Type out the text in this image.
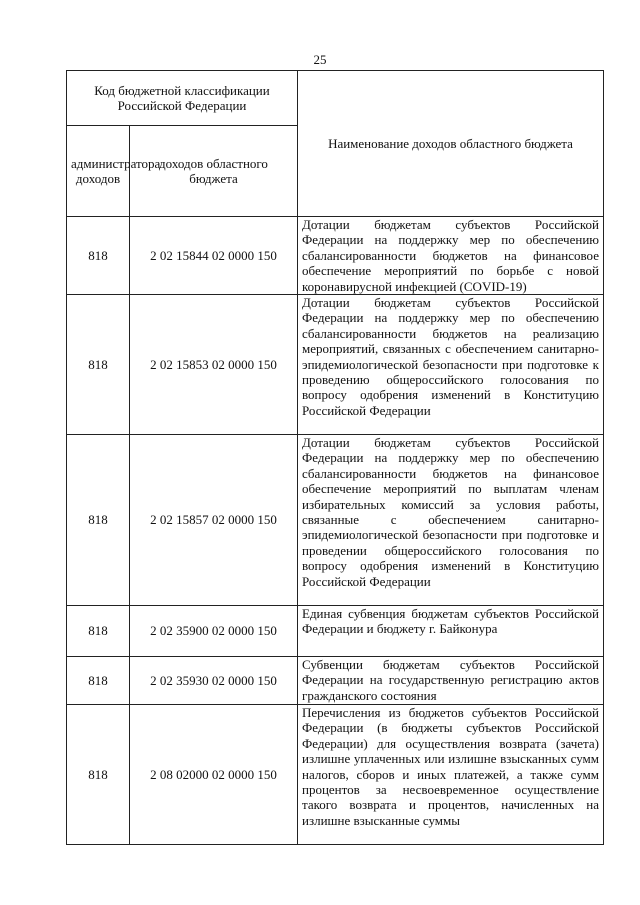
25
Код бюджетной классификации Российской Федерации		Наименование доходов областного бюджета
администратора доходов	доходов областного бюджета	
818	2 02 15844 02 0000 150	Дотации бюджетам субъектов Российской Федерации на поддержку мер по обеспечению сбалансированности бюджетов на финансовое обеспечение мероприятий по борьбе с новой коронавирусной инфекцией (COVID-19)
818	2 02 15853 02 0000 150	Дотации бюджетам субъектов Российской Федерации на поддержку мер по обеспечению сбалансированности бюджетов на реализацию мероприятий, связанных с обеспечением санитарно-эпидемиологической безопасности при подготовке к проведению общероссийского голосования по вопросу одобрения изменений в Конституцию Российской Федерации
818	2 02 15857 02 0000 150	Дотации бюджетам субъектов Российской Федерации на поддержку мер по обеспечению сбалансированности бюджетов на финансовое обеспечение мероприятий по выплатам членам избирательных комиссий за условия работы, связанные с обеспечением санитарно-эпидемиологической безопасности при подготовке и проведении общероссийского голосования по вопросу одобрения изменений в Конституцию Российской Федерации
818	2 02 35900 02 0000 150	Единая субвенция бюджетам субъектов Российской Федерации и бюджету г. Байконура
818	2 02 35930 02 0000 150	Субвенции бюджетам субъектов Российской Федерации на государственную регистрацию актов гражданского состояния
818	2 08 02000 02 0000 150	Перечисления из бюджетов субъектов Российской Федерации (в бюджеты субъектов Российской Федерации) для осуществления возврата (зачета) излишне уплаченных или излишне взысканных сумм налогов, сборов и иных платежей, а также сумм процентов за несвоевременное осуществление такого возврата и процентов, начисленных на излишне взысканные суммы
